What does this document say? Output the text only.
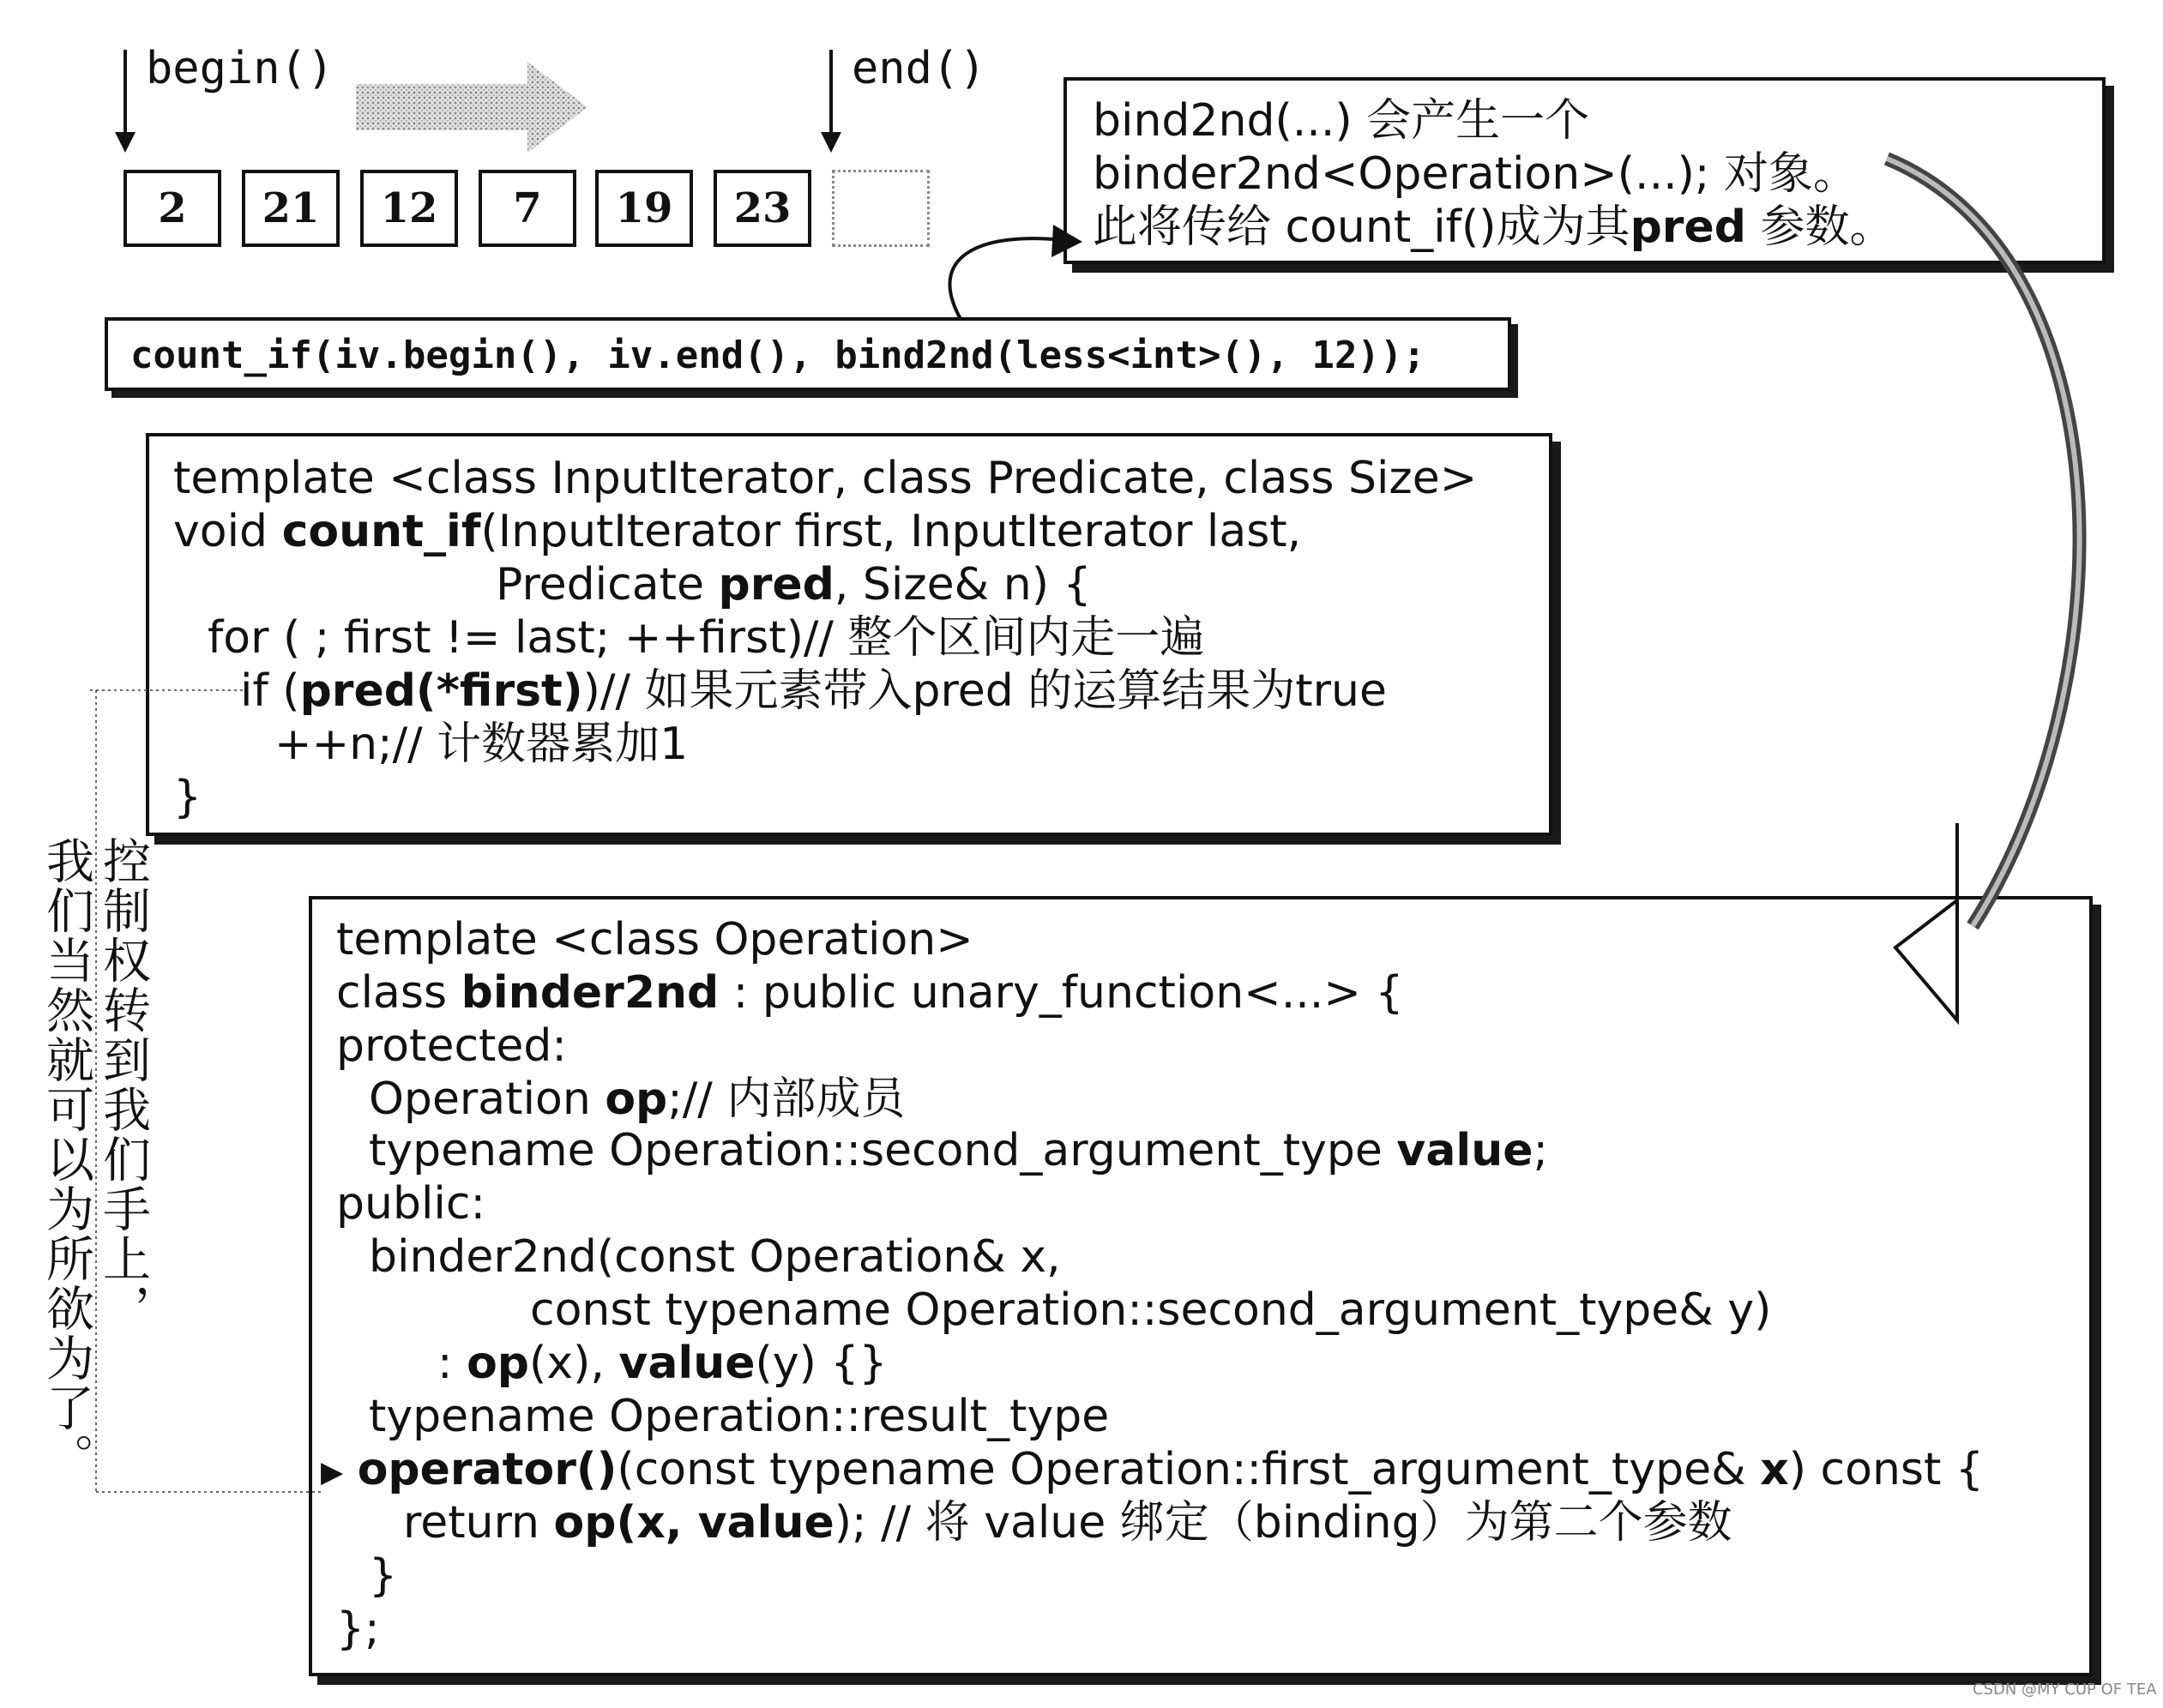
begin()	end()
2	21	12	7	19	23
bind2nd(...) 会产生一个
binder2nd<Operation>(...); 对象。
此将传给 count_if()成为其pred 参数。
count_if(iv.begin(), iv.end(), bind2nd(less<int>(), 12));
template <class InputIterator, class Predicate, class Size>
void count_if(InputIterator first, InputIterator last,
Predicate pred, Size& n) {
for ( ; first != last; ++first)// 整个区间内走一遍
if (pred(*first))// 如果元素带入pred 的运算结果为true
++n;// 计数器累加1
}
template <class Operation>
class binder2nd : public unary_function<...> {
protected:
Operation op;// 内部成员
typename Operation::second_argument_type value;
public:
binder2nd(const Operation& x,
const typename Operation::second_argument_type& y)
: op(x), value(y) {}
typename Operation::result_type
▶ operator()(const typename Operation::first_argument_type& x) const {
return op(x, value); // 将 value 绑定（binding）为第二个参数
}
};
控制权转到我们手上，
我们当然就可以为所欲为了。
CSDN @MY CUP OF TEA
